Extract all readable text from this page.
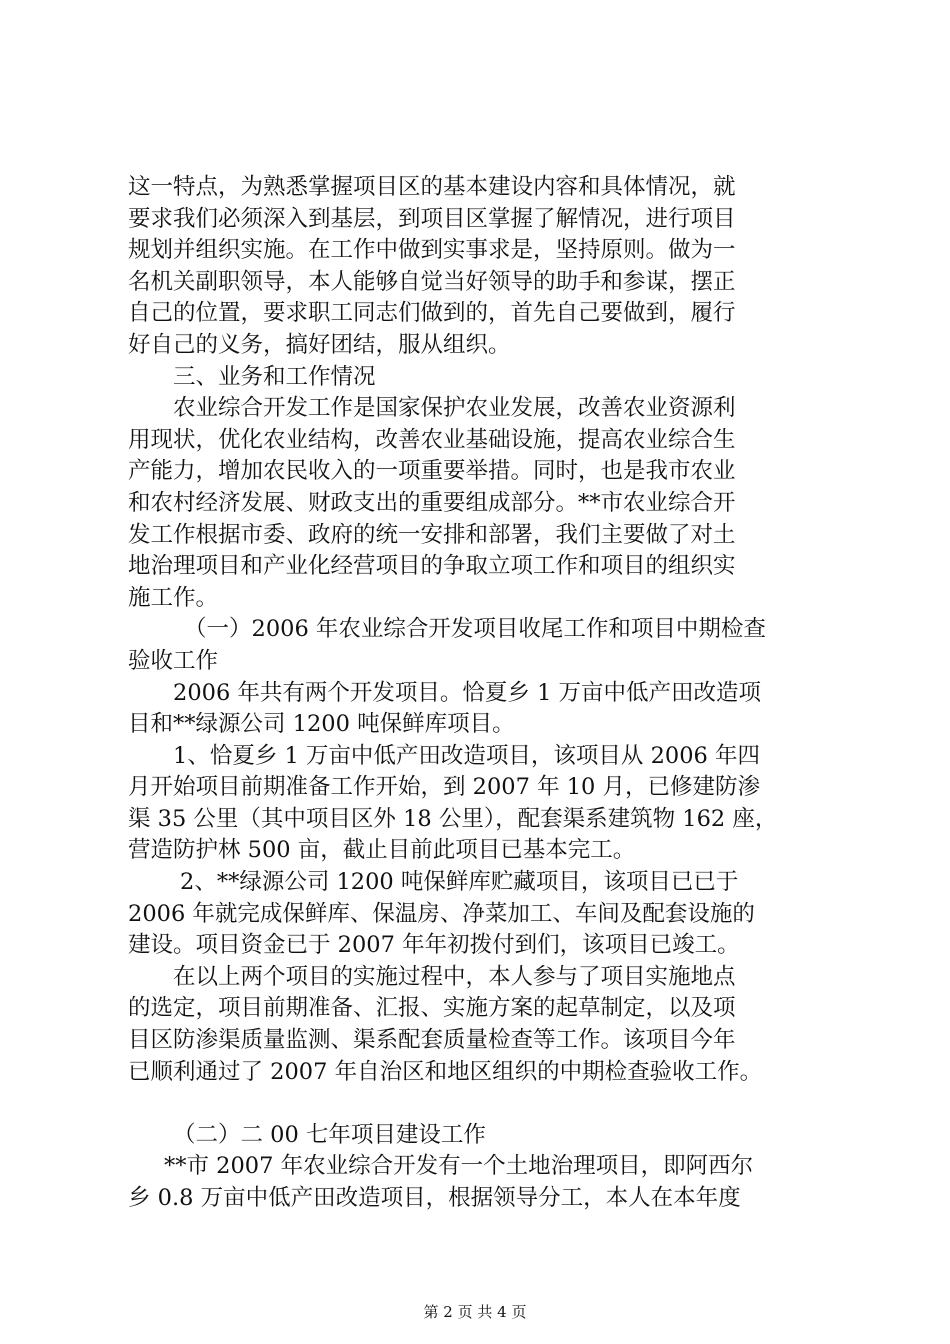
这一特点，为熟悉掌握项目区的基本建设内容和具体情况，就
要求我们必须深入到基层，到项目区掌握了解情况，进行项目
规划并组织实施。在工作中做到实事求是，坚持原则。做为一
名机关副职领导，本人能够自觉当好领导的助手和参谋，摆正
自己的位置，要求职工同志们做到的，首先自己要做到，履行
好自己的义务，搞好团结，服从组织。
三、业务和工作情况
农业综合开发工作是国家保护农业发展，改善农业资源利
用现状，优化农业结构，改善农业基础设施，提高农业综合生
产能力，增加农民收入的一项重要举措。同时，也是我市农业
和农村经济发展、财政支出的重要组成部分。**市农业综合开
发工作根据市委、政府的统一安排和部署，我们主要做了对土
地治理项目和产业化经营项目的争取立项工作和项目的组织实
施工作。
（一）2006 年农业综合开发项目收尾工作和项目中期检查
验收工作
2006 年共有两个开发项目。恰夏乡 1 万亩中低产田改造项
目和**绿源公司 1200 吨保鲜库项目。
1、恰夏乡 1 万亩中低产田改造项目，该项目从 2006 年四
月开始项目前期准备工作开始，到 2007 年 10 月，已修建防渗
渠 35 公里（其中项目区外 18 公里），配套渠系建筑物 162 座，
营造防护林 500 亩，截止目前此项目已基本完工。
2、**绿源公司 1200 吨保鲜库贮藏项目，该项目已已于
2006 年就完成保鲜库、保温房、净菜加工、车间及配套设施的
建设。项目资金已于 2007 年年初拨付到们，该项目已竣工。
在以上两个项目的实施过程中，本人参与了项目实施地点
的选定，项目前期准备、汇报、实施方案的起草制定，以及项
目区防渗渠质量监测、渠系配套质量检查等工作。该项目今年
已顺利通过了 2007 年自治区和地区组织的中期检查验收工作。
（二）二 00 七年项目建设工作
**市 2007 年农业综合开发有一个土地治理项目，即阿西尔
乡 0.8 万亩中低产田改造项目，根据领导分工，本人在本年度
第 2 页 共 4 页
